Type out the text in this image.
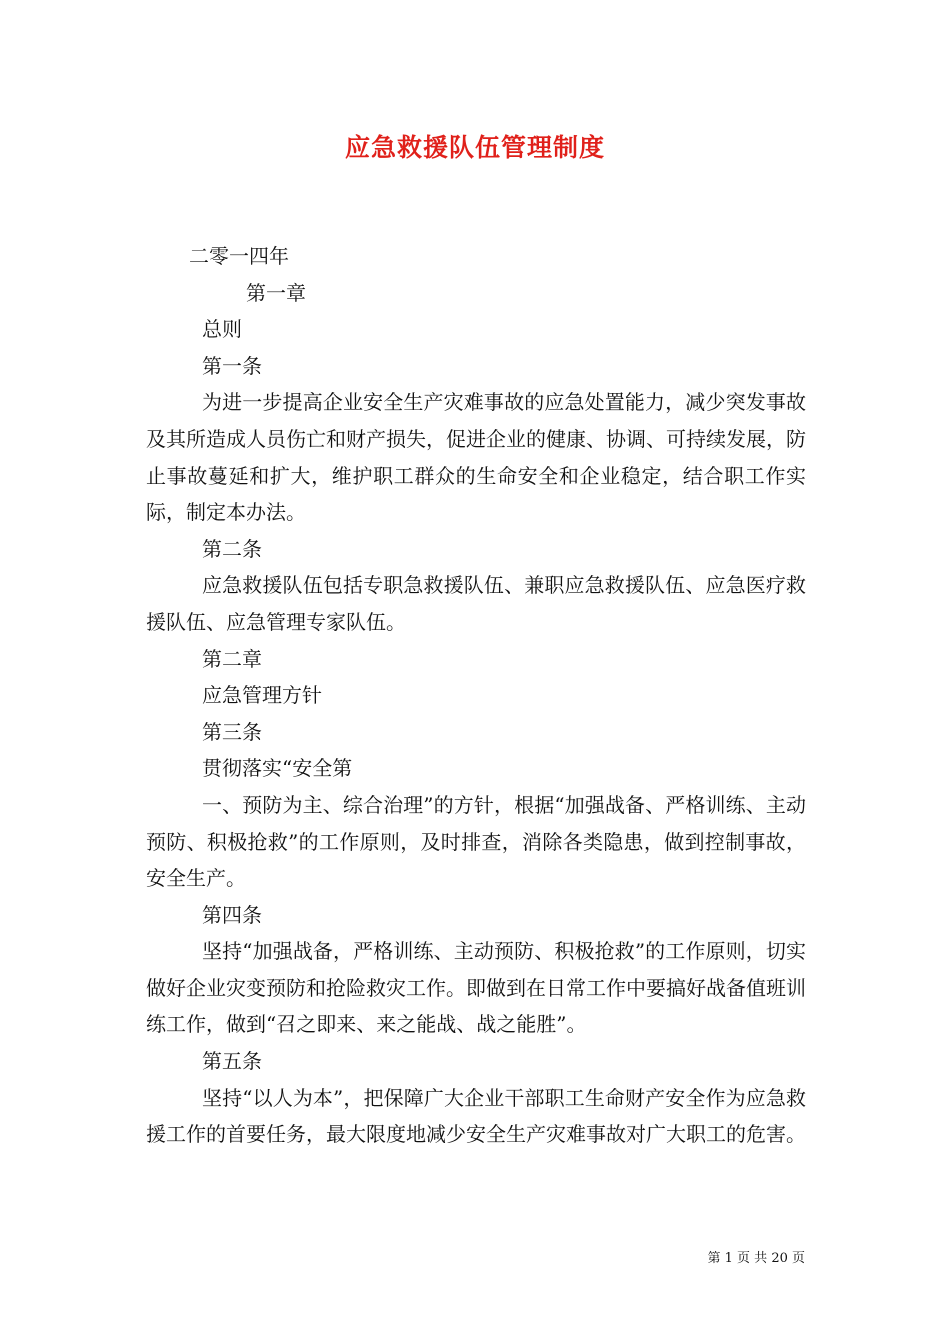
应急救援队伍管理制度
二零一四年
第一章
总则
第一条
为进一步提高企业安全生产灾难事故的应急处置能力，减少突发事故及其所造成人员伤亡和财产损失，促进企业的健康、协调、可持续发展，防止事故蔓延和扩大，维护职工群众的生命安全和企业稳定，结合职工作实际，制定本办法。
第二条
应急救援队伍包括专职急救援队伍、兼职应急救援队伍、应急医疗救援队伍、应急管理专家队伍。
第二章
应急管理方针
第三条
贯彻落实“安全第
一、预防为主、综合治理”的方针，根据“加强战备、严格训练、主动预防、积极抢救”的工作原则，及时排查，消除各类隐患，做到控制事故，安全生产。
第四条
坚持“加强战备，严格训练、主动预防、积极抢救”的工作原则，切实做好企业灾变预防和抢险救灾工作。即做到在日常工作中要搞好战备值班训练工作，做到“召之即来、来之能战、战之能胜”。
第五条
坚持“以人为本”，把保障广大企业干部职工生命财产安全作为应急救援工作的首要任务，最大限度地减少安全生产灾难事故对广大职工的危害。
第 1 页 共 20 页
